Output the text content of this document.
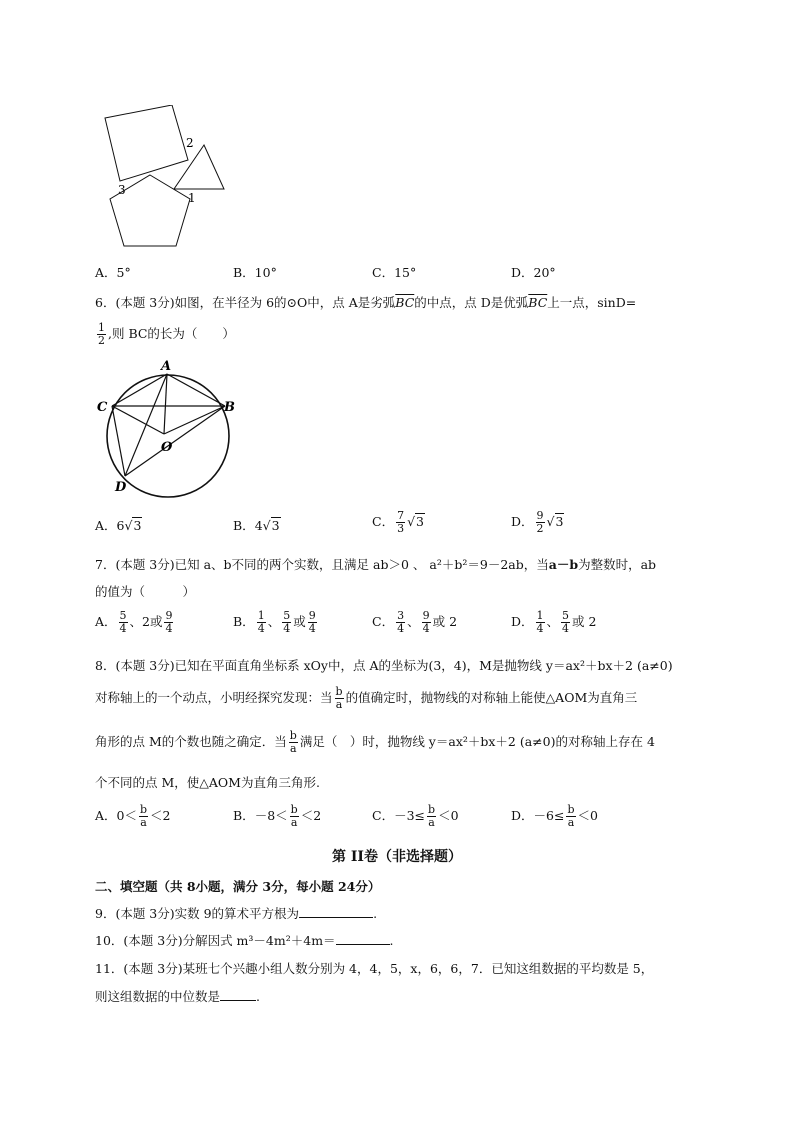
2
3
1
A．5°	B．10°	C．15°	D．20°
6．(本题 3分)如图，在半径为 6的⊙O中，点 A是劣弧$\overline{BC}$的中点，点 D是优弧$\overline{BC}$上一点，sinD=
$\frac{1}{2}$ ,则 BC的长为（　　）
A
C	B
O
D
A．6√3	B．4√3	C． $\frac{7}{3} √3$	D． $\frac{9}{2} √3$
7．(本题 3分)已知 a、b不同的两个实数，且满足 ab＞0 、 a²＋b²＝9－2ab，当a－b为整数时，ab
的值为（　　　）
A． $\frac{5}{4}$ 、2或 $\frac{9}{4}$	B． $\frac{1}{4}$ 、 $\frac{5}{4}$ 或 $\frac{9}{4}$	C． $\frac{3}{4}$ 、 $\frac{9}{4}$ 或 2	D． $\frac{1}{4}$ 、 $\frac{5}{4}$ 或 2
8．(本题 3分)已知在平面直角坐标系 xOy中，点 A的坐标为(3，4)，M是抛物线 y＝ax²＋bx＋2 (a≠0)
对称轴上的一个动点，小明经探究发现：当 $\frac{b}{a}$ 的值确定时，抛物线的对称轴上能使△AOM为直角三
角形的点 M的个数也随之确定．当 $\frac{b}{a}$ 满足（　）时，抛物线 y＝ax²＋bx＋2 (a≠0)的对称轴上存在 4
个不同的点 M，使△AOM为直角三角形.
A．$0< \frac{b}{a} <2$	B．$-8< \frac{b}{a} <2$	C．$-3\le \frac{b}{a} <0$	D．$-6\le \frac{b}{a} <0$
第 II卷（非选择题）
二、填空题（共 8小题，满分 3分，每小题 24分）
9．(本题 3分)实数 9的算术平方根为	.
10．(本题 3分)分解因式 m³－4m²＋4m＝	.
11．(本题 3分)某班七个兴趣小组人数分别为 4，4，5，x，6，6，7．已知这组数据的平均数是 5，
则这组数据的中位数是	.
